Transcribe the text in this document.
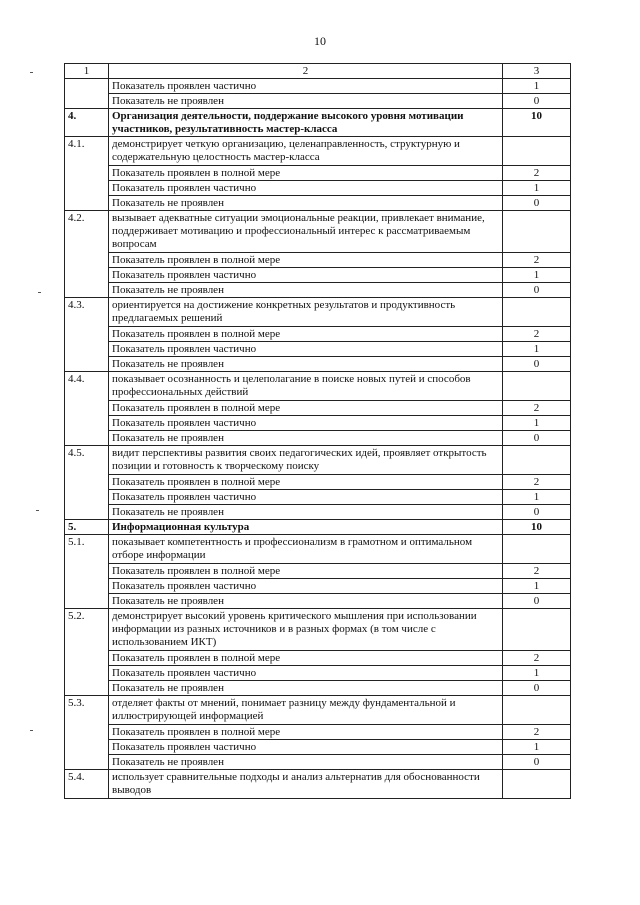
10
1	2	3
	Показатель проявлен частично	1
	Показатель не проявлен	0
4.	Организация деятельности, поддержание высокого уровня мотивации участников, результативность мастер-класса	10
4.1.	демонстрирует четкую организацию, целенаправленность, структурную и содержательную целостность мастер-класса	
	Показатель проявлен в полной мере	2
	Показатель проявлен частично	1
	Показатель не проявлен	0
4.2.	вызывает адекватные ситуации эмоциональные реакции, привлекает внимание, поддерживает мотивацию и профессиональный интерес к рассматриваемым вопросам	
	Показатель проявлен в полной мере	2
	Показатель проявлен частично	1
	Показатель не проявлен	0
4.3.	ориентируется на достижение конкретных результатов и продуктивность предлагаемых решений	
	Показатель проявлен в полной мере	2
	Показатель проявлен частично	1
	Показатель не проявлен	0
4.4.	показывает осознанность и целеполагание в поиске новых путей и способов профессиональных действий	
	Показатель проявлен в полной мере	2
	Показатель проявлен частично	1
	Показатель не проявлен	0
4.5.	видит перспективы развития своих педагогических идей, проявляет открытость позиции и готовность к творческому поиску	
	Показатель проявлен в полной мере	2
	Показатель проявлен частично	1
	Показатель не проявлен	0
5.	Информационная культура	10
5.1.	показывает компетентность и профессионализм в грамотном и оптимальном отборе информации	
	Показатель проявлен в полной мере	2
	Показатель проявлен частично	1
	Показатель не проявлен	0
5.2.	демонстрирует высокий уровень критического мышления при использовании информации из разных источников и в разных формах (в том числе с использованием ИКТ)	
	Показатель проявлен в полной мере	2
	Показатель проявлен частично	1
	Показатель не проявлен	0
5.3.	отделяет факты от мнений, понимает разницу между фундаментальной и иллюстрирующей информацией	
	Показатель проявлен в полной мере	2
	Показатель проявлен частично	1
	Показатель не проявлен	0
5.4.	использует сравнительные подходы и анализ альтернатив для обоснованности выводов	
